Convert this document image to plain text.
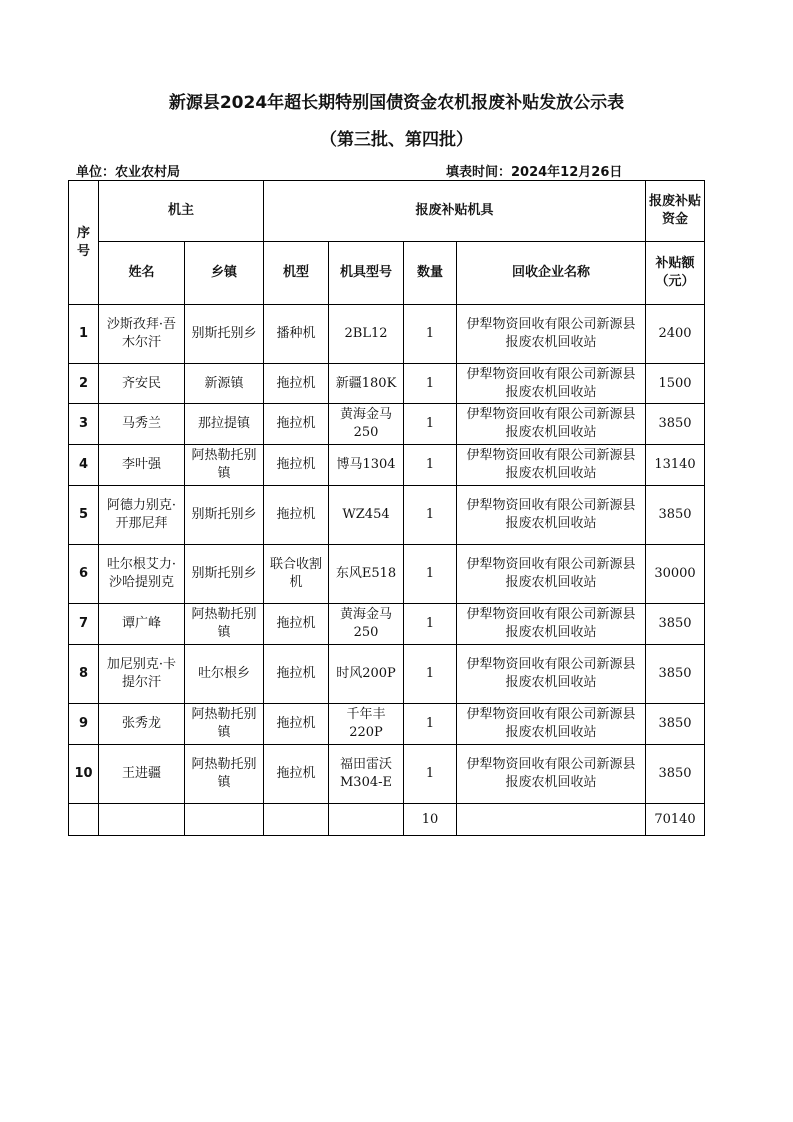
新源县2024年超长期特别国债资金农机报废补贴发放公示表
（第三批、第四批）
单位：农业农村局	填表时间：2024年12月26日
序号	机主		报废补贴机具				报废补贴资金
	姓名	乡镇	机型	机具型号	数量	回收企业名称	补贴额（元）
1	沙斯孜拜·吾木尔汗	别斯托别乡	播种机	2BL12	1	伊犁物资回收有限公司新源县报废农机回收站	2400
2	齐安民	新源镇	拖拉机	新疆180K	1	伊犁物资回收有限公司新源县报废农机回收站	1500
3	马秀兰	那拉提镇	拖拉机	黄海金马250	1	伊犁物资回收有限公司新源县报废农机回收站	3850
4	李叶强	阿热勒托别镇	拖拉机	博马1304	1	伊犁物资回收有限公司新源县报废农机回收站	13140
5	阿德力别克·开那尼拜	别斯托别乡	拖拉机	WZ454	1	伊犁物资回收有限公司新源县报废农机回收站	3850
6	吐尔根艾力·沙哈提别克	别斯托别乡	联合收割机	东风E518	1	伊犁物资回收有限公司新源县报废农机回收站	30000
7	谭广峰	阿热勒托别镇	拖拉机	黄海金马250	1	伊犁物资回收有限公司新源县报废农机回收站	3850
8	加尼别克·卡提尔汗	吐尔根乡	拖拉机	时风200P	1	伊犁物资回收有限公司新源县报废农机回收站	3850
9	张秀龙	阿热勒托别镇	拖拉机	千年丰220P	1	伊犁物资回收有限公司新源县报废农机回收站	3850
10	王进疆	阿热勒托别镇	拖拉机	福田雷沃M304-E	1	伊犁物资回收有限公司新源县报废农机回收站	3850
					10		70140
